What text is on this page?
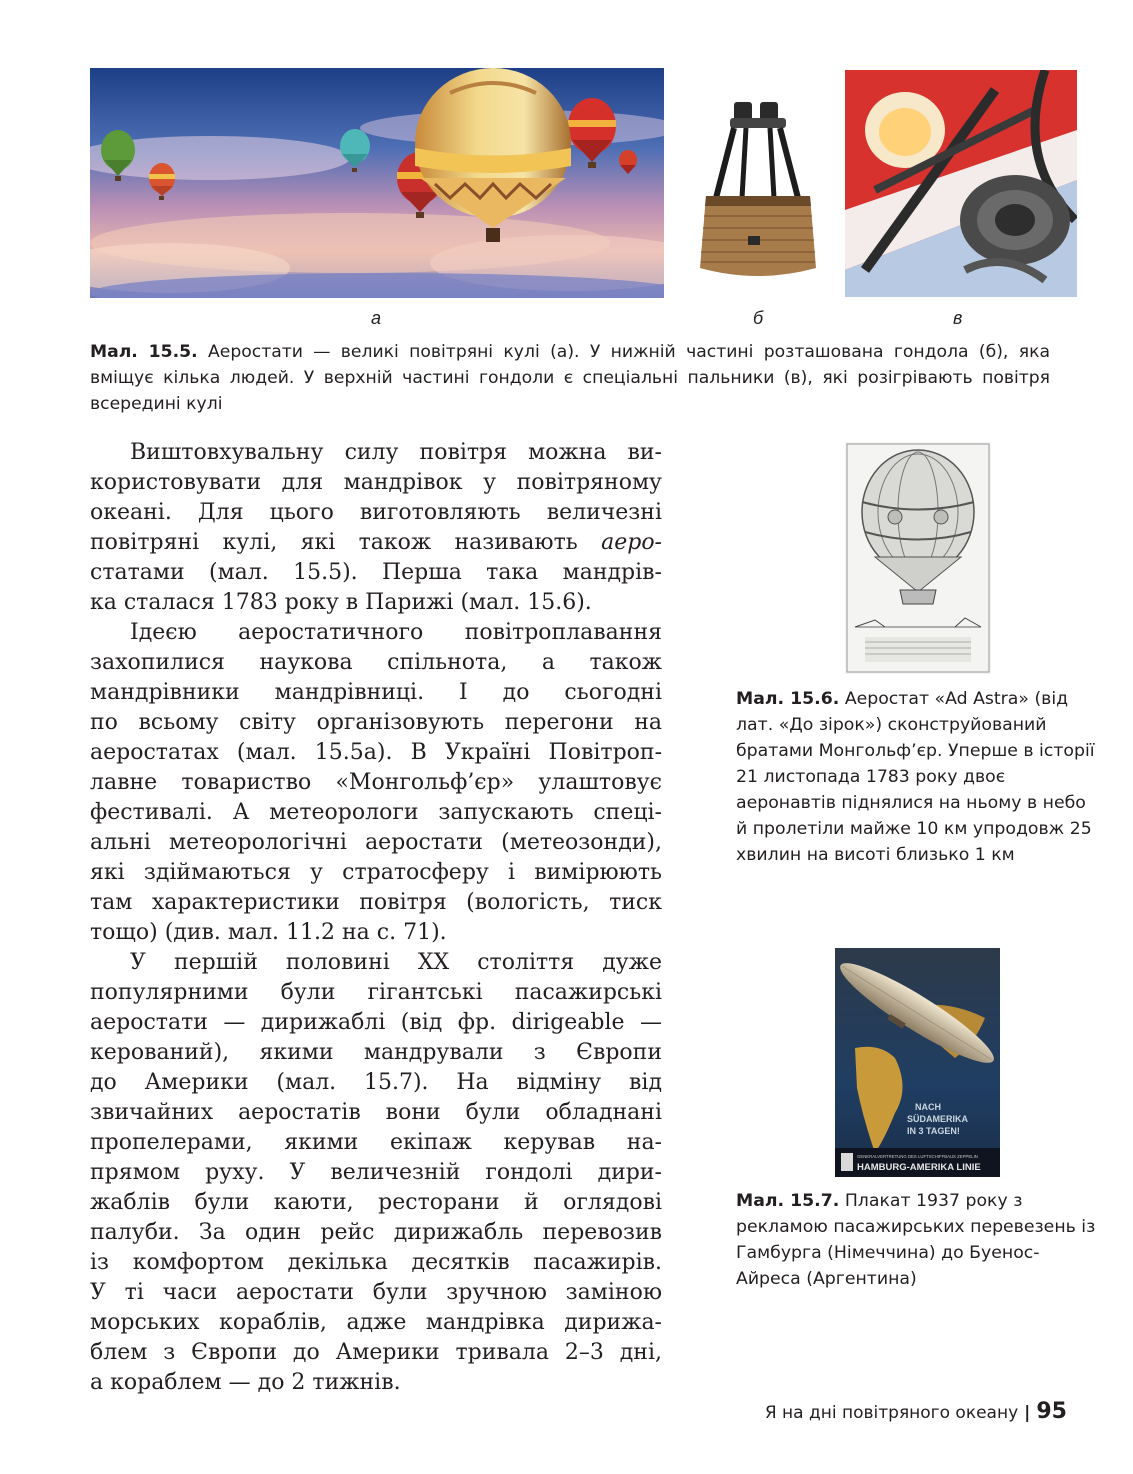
а	б	в
Мал. 15.5. Аеростати — великі повітряні кулі (а). У нижній частині розташована гондола (б), яка вміщує кілька людей. У верхній частині гондоли є спеціальні пальники (в), які розігрівають повітря всередині кулі
Виштовхувальну силу повітря можна ви-
користовувати для мандрівок у повітряному
океані. Для цього виготовляють величезні
повітряні кулі, які також називають аеро-
статами (мал. 15.5). Перша така мандрів-
ка сталася 1783 року в Парижі (мал. 15.6).
Ідеєю аеростатичного повітроплавання
захопилися наукова спільнота, а також
мандрівники мандрівниці. І до сьогодні
по всьому світу організовують перегони на
аеростатах (мал. 15.5а). В Україні Повітроп-
лавне товариство «Монгольф’єр» улаштовує
фестивалі. А метеорологи запускають спеці-
альні метеорологічні аеростати (метеозонди),
які здіймаються у стратосферу і вимірюють
там характеристики повітря (вологість, тиск
тощо) (див. мал. 11.2 на с. 71).
У першій половині ХХ століття дуже
популярними були гігантські пасажирські
аеростати — дирижаблі (від фр. dirigeable —
керований), якими мандрували з Європи
до Америки (мал. 15.7). На відміну від
звичайних аеростатів вони були обладнані
пропелерами, якими екіпаж керував на-
прямом руху. У величезній гондолі дири-
жаблів були каюти, ресторани й оглядові
палуби. За один рейс дирижабль перевозив
із комфортом декілька десятків пасажирів.
У ті часи аеростати були зручною заміною
морських кораблів, адже мандрівка дирижа-
блем з Європи до Америки тривала 2–3 дні,
а кораблем — до 2 тижнів.
Мал. 15.6. Аеростат «Ad Astra» (від лат. «До зірок») сконструйований братами Монгольф’єр. Уперше в історії 21 листопада 1783 року двоє аеронавтів піднялися на ньому в небо й пролетіли майже 10 км упродовж 25 хвилин на висоті близько 1 км
NACH
SÜDAMERIKA
IN 3 TAGEN!
GENERALVERTRETUNG DES LUFTSCHIFFBAUS ZEPPELIN
HAMBURG-AMERIKA LINIE
Мал. 15.7. Плакат 1937 року з рекламою пасажирських перевезень із Гамбурга (Німеччина) до Буенос-Айреса (Аргентина)
Я на дні повітряного океану | 95
